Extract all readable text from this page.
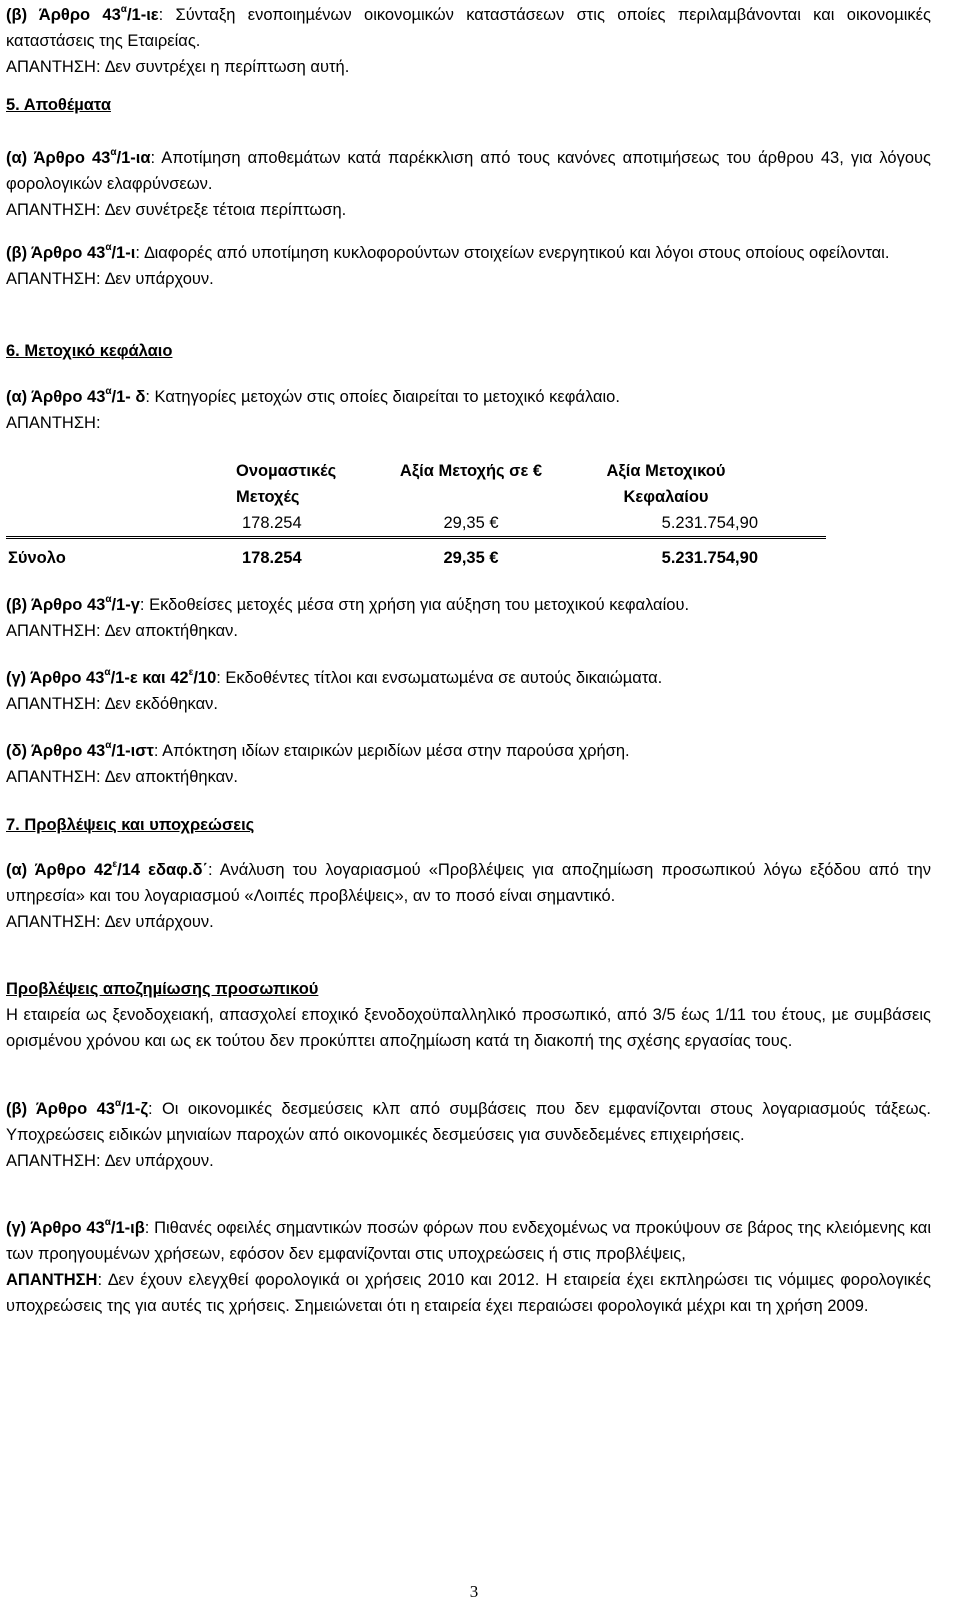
(β) Άρθρο $43^\alpha/1-\iota\varepsilon$: Σύνταξη ενοποιηµένων οικονοµικών καταστάσεων στις οποίες περιλαµβάνονται και οικονοµικές καταστάσεις της Εταιρείας.

ΑΠΑΝΤΗΣΗ: ∆εν συντρέχει η περίπτωση αυτή.

5. Αποθέµατα

(α) Άρθρο $43^\alpha/1-\iota\alpha$: Αποτίµηση αποθεµάτων κατά παρέκκλιση από τους κανόνες αποτιµήσεως του άρθρου 43, για λόγους φορολογικών ελαφρύνσεων.

ΑΠΑΝΤΗΣΗ: ∆εν συνέτρεξε τέτοια περίπτωση.

(β) Άρθρο $43^\alpha/1-\iota$: ∆ιαφορές από υποτίµηση κυκλοφορούντων στοιχείων ενεργητικού και λόγοι στους οποίους οφείλονται.

ΑΠΑΝΤΗΣΗ: ∆εν υπάρχουν.

6. Μετοχικό κεφάλαιο

(α) Άρθρο $43^\alpha/1-$ δ: Κατηγορίες µετοχών στις οποίες διαιρείται το µετοχικό κεφάλαιο.

ΑΠΑΝΤΗΣΗ:

	Ονοµαστικές Μετοχές	Αξία Μετοχής σε €	Αξία Μετοχικού Κεφαλαίου	
	178.254	29,35 €	5.231.754,90	

Σύνολο	178.254	29,35 €	5.231.754,90	

(β) Άρθρο $43^\alpha/1-\gamma$: Εκδοθείσες µετοχές µέσα στη χρήση για αύξηση του µετοχικού κεφαλαίου.

ΑΠΑΝΤΗΣΗ: ∆εν αποκτήθηκαν.

(γ) Άρθρο $43^\alpha/1-\varepsilon$ και $42^\varepsilon/10$: Εκδοθέντες τίτλοι και ενσωµατωµένα σε αυτούς δικαιώµατα.

ΑΠΑΝΤΗΣΗ: ∆εν εκδόθηκαν.

(δ) Άρθρο $43^\alpha/1$-ιστ: Απόκτηση ιδίων εταιρικών µεριδίων µέσα στην παρούσα χρήση.

ΑΠΑΝΤΗΣΗ: ∆εν αποκτήθηκαν.

7. Προβλέψεις και υποχρεώσεις

(α) Άρθρο $42^\varepsilon/14$ εδαφ.δ΄: Ανάλυση του λογαριασµού «Προβλέψεις για αποζηµίωση προσωπικού λόγω εξόδου από την υπηρεσία» και του λογαριασµού «Λοιπές προβλέψεις», αν το ποσό είναι σηµαντικό.

ΑΠΑΝΤΗΣΗ: ∆εν υπάρχουν.

Προβλέψεις αποζηµίωσης προσωπικού

Η εταιρεία ως ξενοδοχειακή, απασχολεί εποχικό ξενοδοχοϋπαλληλικό προσωπικό, από 3/5 έως 1/11 του έτους, µε συµβάσεις ορισµένου χρόνου και ως εκ τούτου δεν προκύπτει αποζηµίωση κατά τη διακοπή της σχέσης εργασίας τους.

(β) Άρθρο $43^\alpha/1-\zeta$: Οι οικονοµικές δεσµεύσεις κλπ από συµβάσεις που δεν εµφανίζονται στους λογαριασµούς τάξεως. Υποχρεώσεις ειδικών µηνιαίων παροχών από οικονοµικές δεσµεύσεις για συνδεδεµένες επιχειρήσεις.

ΑΠΑΝΤΗΣΗ: ∆εν υπάρχουν.

(γ) Άρθρο $43^\alpha/1-\iota\beta$: Πιθανές οφειλές σηµαντικών ποσών φόρων που ενδεχοµένως να προκύψουν σε βάρος της κλειόµενης και των προηγουµένων χρήσεων, εφόσον δεν εµφανίζονται στις υποχρεώσεις ή στις προβλέψεις,

ΑΠΑΝΤΗΣΗ: ∆εν έχουν ελεγχθεί φορολογικά οι χρήσεις 2010 και 2012. Η εταιρεία έχει εκπληρώσει τις νόµιµες φορολογικές υποχρεώσεις της για αυτές τις χρήσεις. Σηµειώνεται ότι η εταιρεία έχει περαιώσει φορολογικά µέχρι και τη χρήση 2009.

3
